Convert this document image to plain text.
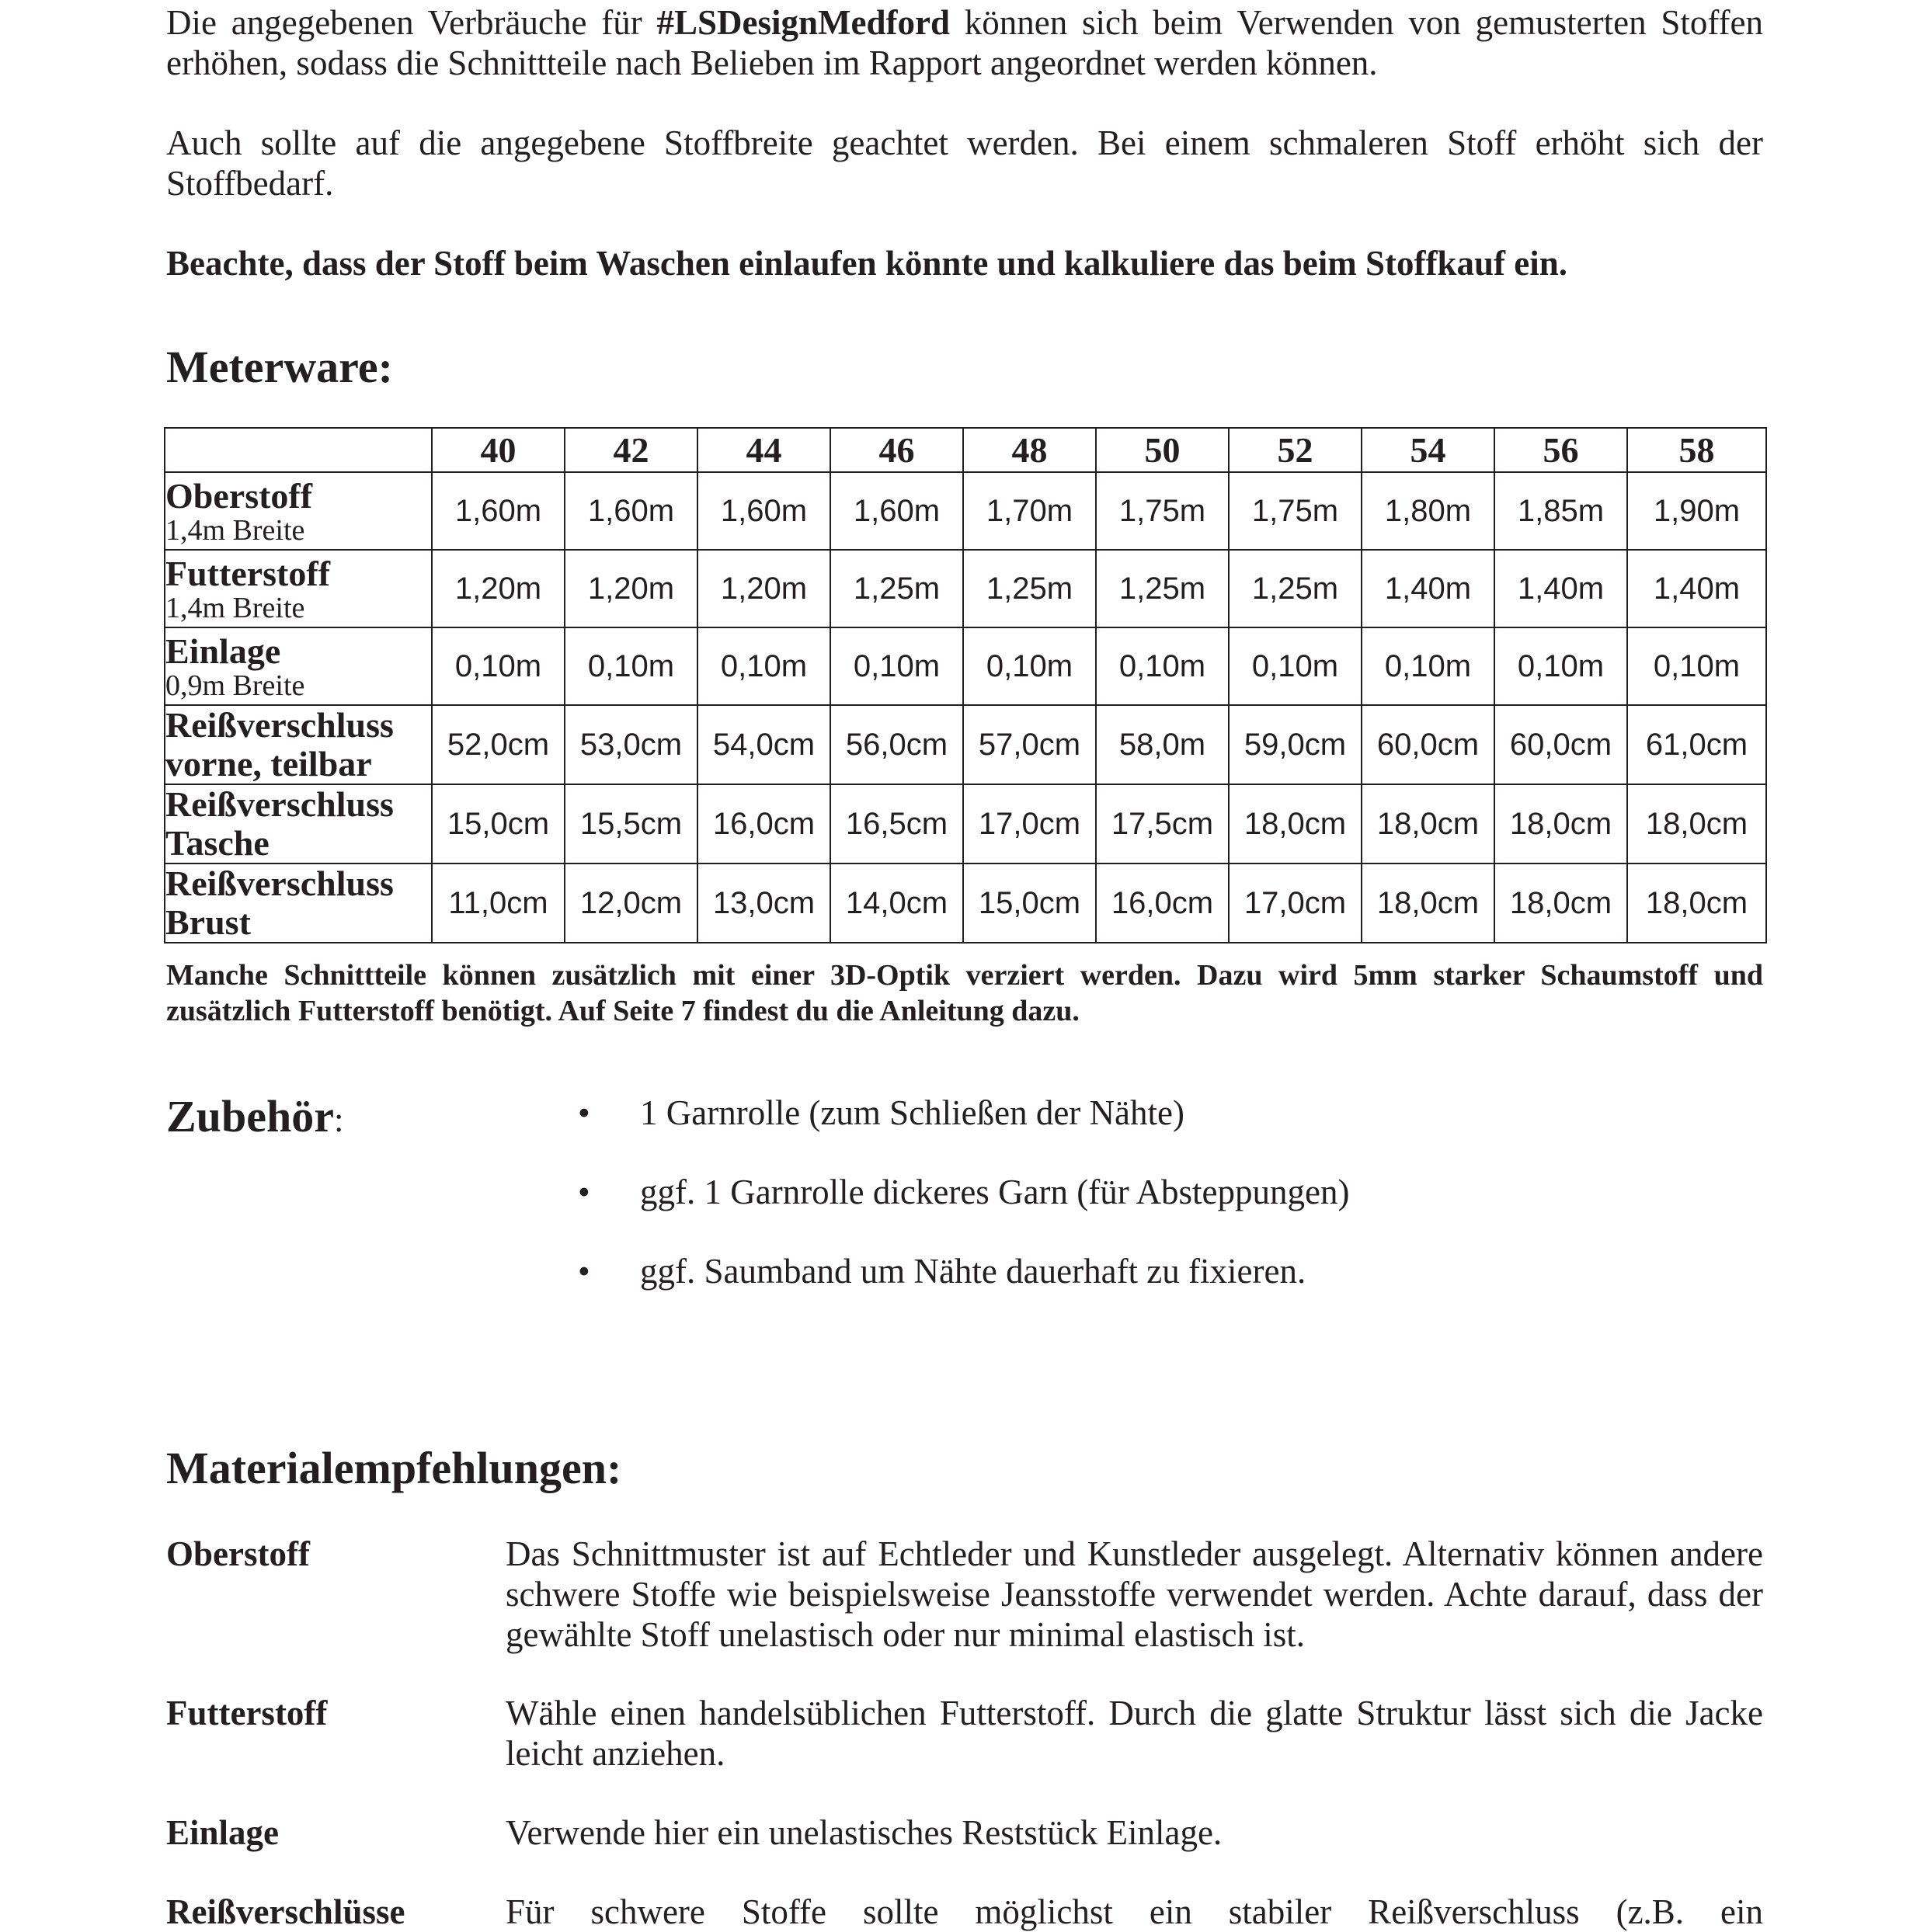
Die angegebenen Verbräuche für #LSDesignMedford können sich beim Verwenden von gemusterten Stoffen erhöhen, sodass die Schnittteile nach Belieben im Rapport angeordnet werden können.

Auch sollte auf die angegebene Stoffbreite geachtet werden. Bei einem schmaleren Stoff erhöht sich der Stoffbedarf.

Beachte, dass der Stoff beim Waschen einlaufen könnte und kalkuliere das beim Stoffkauf ein.

Meterware:
	40	42	44	46	48	50	52	54	56	58

Oberstoff
1,4m Breite	1,60m	1,60m	1,60m	1,60m	1,70m	1,75m	1,75m	1,80m	1,85m	1,90m

Futterstoff
1,4m Breite	1,20m	1,20m	1,20m	1,25m	1,25m	1,25m	1,25m	1,40m	1,40m	1,40m

Einlage
0,9m Breite	0,10m	0,10m	0,10m	0,10m	0,10m	0,10m	0,10m	0,10m	0,10m	0,10m

Reißverschluss vorne, teilbar	52,0cm	53,0cm	54,0cm	56,0cm	57,0cm	58,0m	59,0cm	60,0cm	60,0cm	61,0cm

Reißverschluss Tasche	15,0cm	15,5cm	16,0cm	16,5cm	17,0cm	17,5cm	18,0cm	18,0cm	18,0cm	18,0cm

Reißverschluss Brust	11,0cm	12,0cm	13,0cm	14,0cm	15,0cm	16,0cm	17,0cm	18,0cm	18,0cm	18,0cm

Manche Schnittteile können zusätzlich mit einer 3D-Optik verziert werden. Dazu wird 5mm starker Schaumstoff und zusätzlich Futterstoff benötigt. Auf Seite 7 findest du die Anleitung dazu.

Zubehör:	• 1 Garnrolle (zum Schließen der Nähte)
• ggf. 1 Garnrolle dickeres Garn (für Absteppungen)
• ggf. Saumband um Nähte dauerhaft zu fixieren.
Materialempfehlungen:
Oberstoff	Das Schnittmuster ist auf Echtleder und Kunstleder ausgelegt. Alternativ können andere schwere Stoffe wie beispielsweise Jeansstoffe verwendet werden. Achte darauf, dass der gewählte Stoff unelastisch oder nur minimal elastisch ist.

Futterstoff	Wähle einen handelsüblichen Futterstoff. Durch die glatte Struktur lässt sich die Jacke leicht anziehen.

Einlage	Verwende hier ein unelastisches Reststück Einlage.

Reißverschlüsse	Für schwere Stoffe sollte möglichst ein stabiler Reißverschluss (z.B. ein
